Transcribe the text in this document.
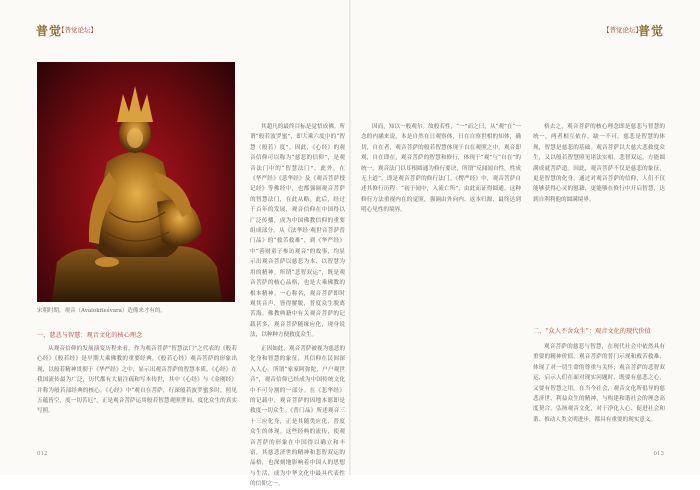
普觉
【普觉论坛】
宋朝时期，观音（Avalokiteśvara）造像来才有的。
一、慈悲与智慧：观音文化的核心理念

从观音信仰的发展演变历程来看，作为观音菩萨“智慧法门”之代表的《般若心经》《般若经》是早期大乘佛教的重要经典。《般若心经》观音菩萨的形象出现，以般若精神贯彻于《华严经》之中，显示出观音菩萨的智慧本质。《心经》在我国流传最为广泛，历代都有大量注疏和写本传世，其中《心经》与《金刚经》并称为般若部经典的核心。《心经》中“观自在菩萨，行深般若波罗蜜多时，照见五蕴皆空，度一切苦厄”，正是观音菩萨运用般若智慧观照世间、度化众生的真实写照。

其超凡的最终目标是觉悟成佛。所谓“般若波罗蜜”，即大乘六度中的“智慧（般若）度”。因此，《心经》的观音信仰可以称为“慈悲的信仰”，是观音法门中的“智慧法门”，此外，在《华严经》《悲华经》及《观音菩萨授记经》等佛经中，也都强调观音菩萨的智慧法门，在此从略。此后，经过千百年的发展，观音信仰在中国得以广泛传播，成为中国佛教信仰的重要组成部分。从《法华经·观世音菩萨普门品》的“救苦救难”，到《华严经》中“善财童子参访观音”的故事，均显示出观音菩萨以慈悲为本、以智慧为用的精神。所谓“悲智双运”，既是观音菩萨的核心品格，也是大乘佛教的根本精神。一心称名，观音菩萨即时观其音声，皆得解脱，普度众生脱离苦海。佛教典籍中有关观音菩萨的记载甚多，观音菩萨随缘应化，现身说法，以种种方便救度众生。

正因如此，观音菩萨被视为慈悲的化身和智慧的象征，其信仰在民间深入人心。所谓“家家阿弥陀，户户观世音”，观音信仰已经成为中国传统文化中不可分割的一部分。在《悲华经》的记载中，观音菩萨的因地本愿即是救度一切众生。《普门品》所述观音三十三应化身，正是其随类应化、普度众生的体现。这些经典的流传，使观音菩萨的形象在中国得以确立和丰富，其慈悲济世的精神和悲智双运的品格，也深刻地影响着中国人的思想与生活，成为中华文化中最具代表性的信仰之一。

012
【普觉论坛】
普觉

因而，知以一般观尔。故般若性，“一”而之曰，从“观”在“一念的内涵来说，本是自然在日观察体，日在自察世相的知体，确切，自在者，观音菩萨的般若智慧体现于自在观照之中，观音即观，自在即在，观音菩萨的智慧和修行，体现于“观”与“自在”的统一。观音法门以耳根圆通为修行要诀，所谓“反闻闻自性，性成无上道”，即是观音菩萨的修行法门。《楞严经》中，观音菩萨自述其修行历程：“初于闻中，入流亡所”，由此而证得圆通。这种修行方法重视内在的觉照，强调由外向内、返本归源，最终达到明心见性的境界。

格去之，观音菩萨的核心理念即是慈悲与智慧的统一，两者相互依存，缺一不可。慈悲是智慧的体现，智慧是慈悲的基础。观音菩萨以大慈大悲救度众生，又以般若智慧照见诸法实相，悲智双运，方能圆满成就菩萨道。因此，观音菩萨不仅是慈悲的象征，更是智慧的化身。通过对观音菩萨的信仰，人们不仅能够获得心灵的慰藉，更能够在修行中开启智慧，达到自利利他的圆满境界。

二、“众人不舍众生”：观音文化的现代价值

观音菩萨的慈悲与智慧，在现代社会中依然具有重要的精神价值。观音菩萨的普门示现和救苦救难，体现了对一切生命的尊重与关怀；观音菩萨的悲智双运，启示人们在面对现实问题时，既要有慈悲之心，又要有智慧之用。在当今社会，观音文化所倡导的慈悲济世、利益众生的精神，与构建和谐社会的理念高度契合。弘扬观音文化，对于净化人心、促进社会和谐、推动人类文明进步，都具有重要的现实意义。

013
